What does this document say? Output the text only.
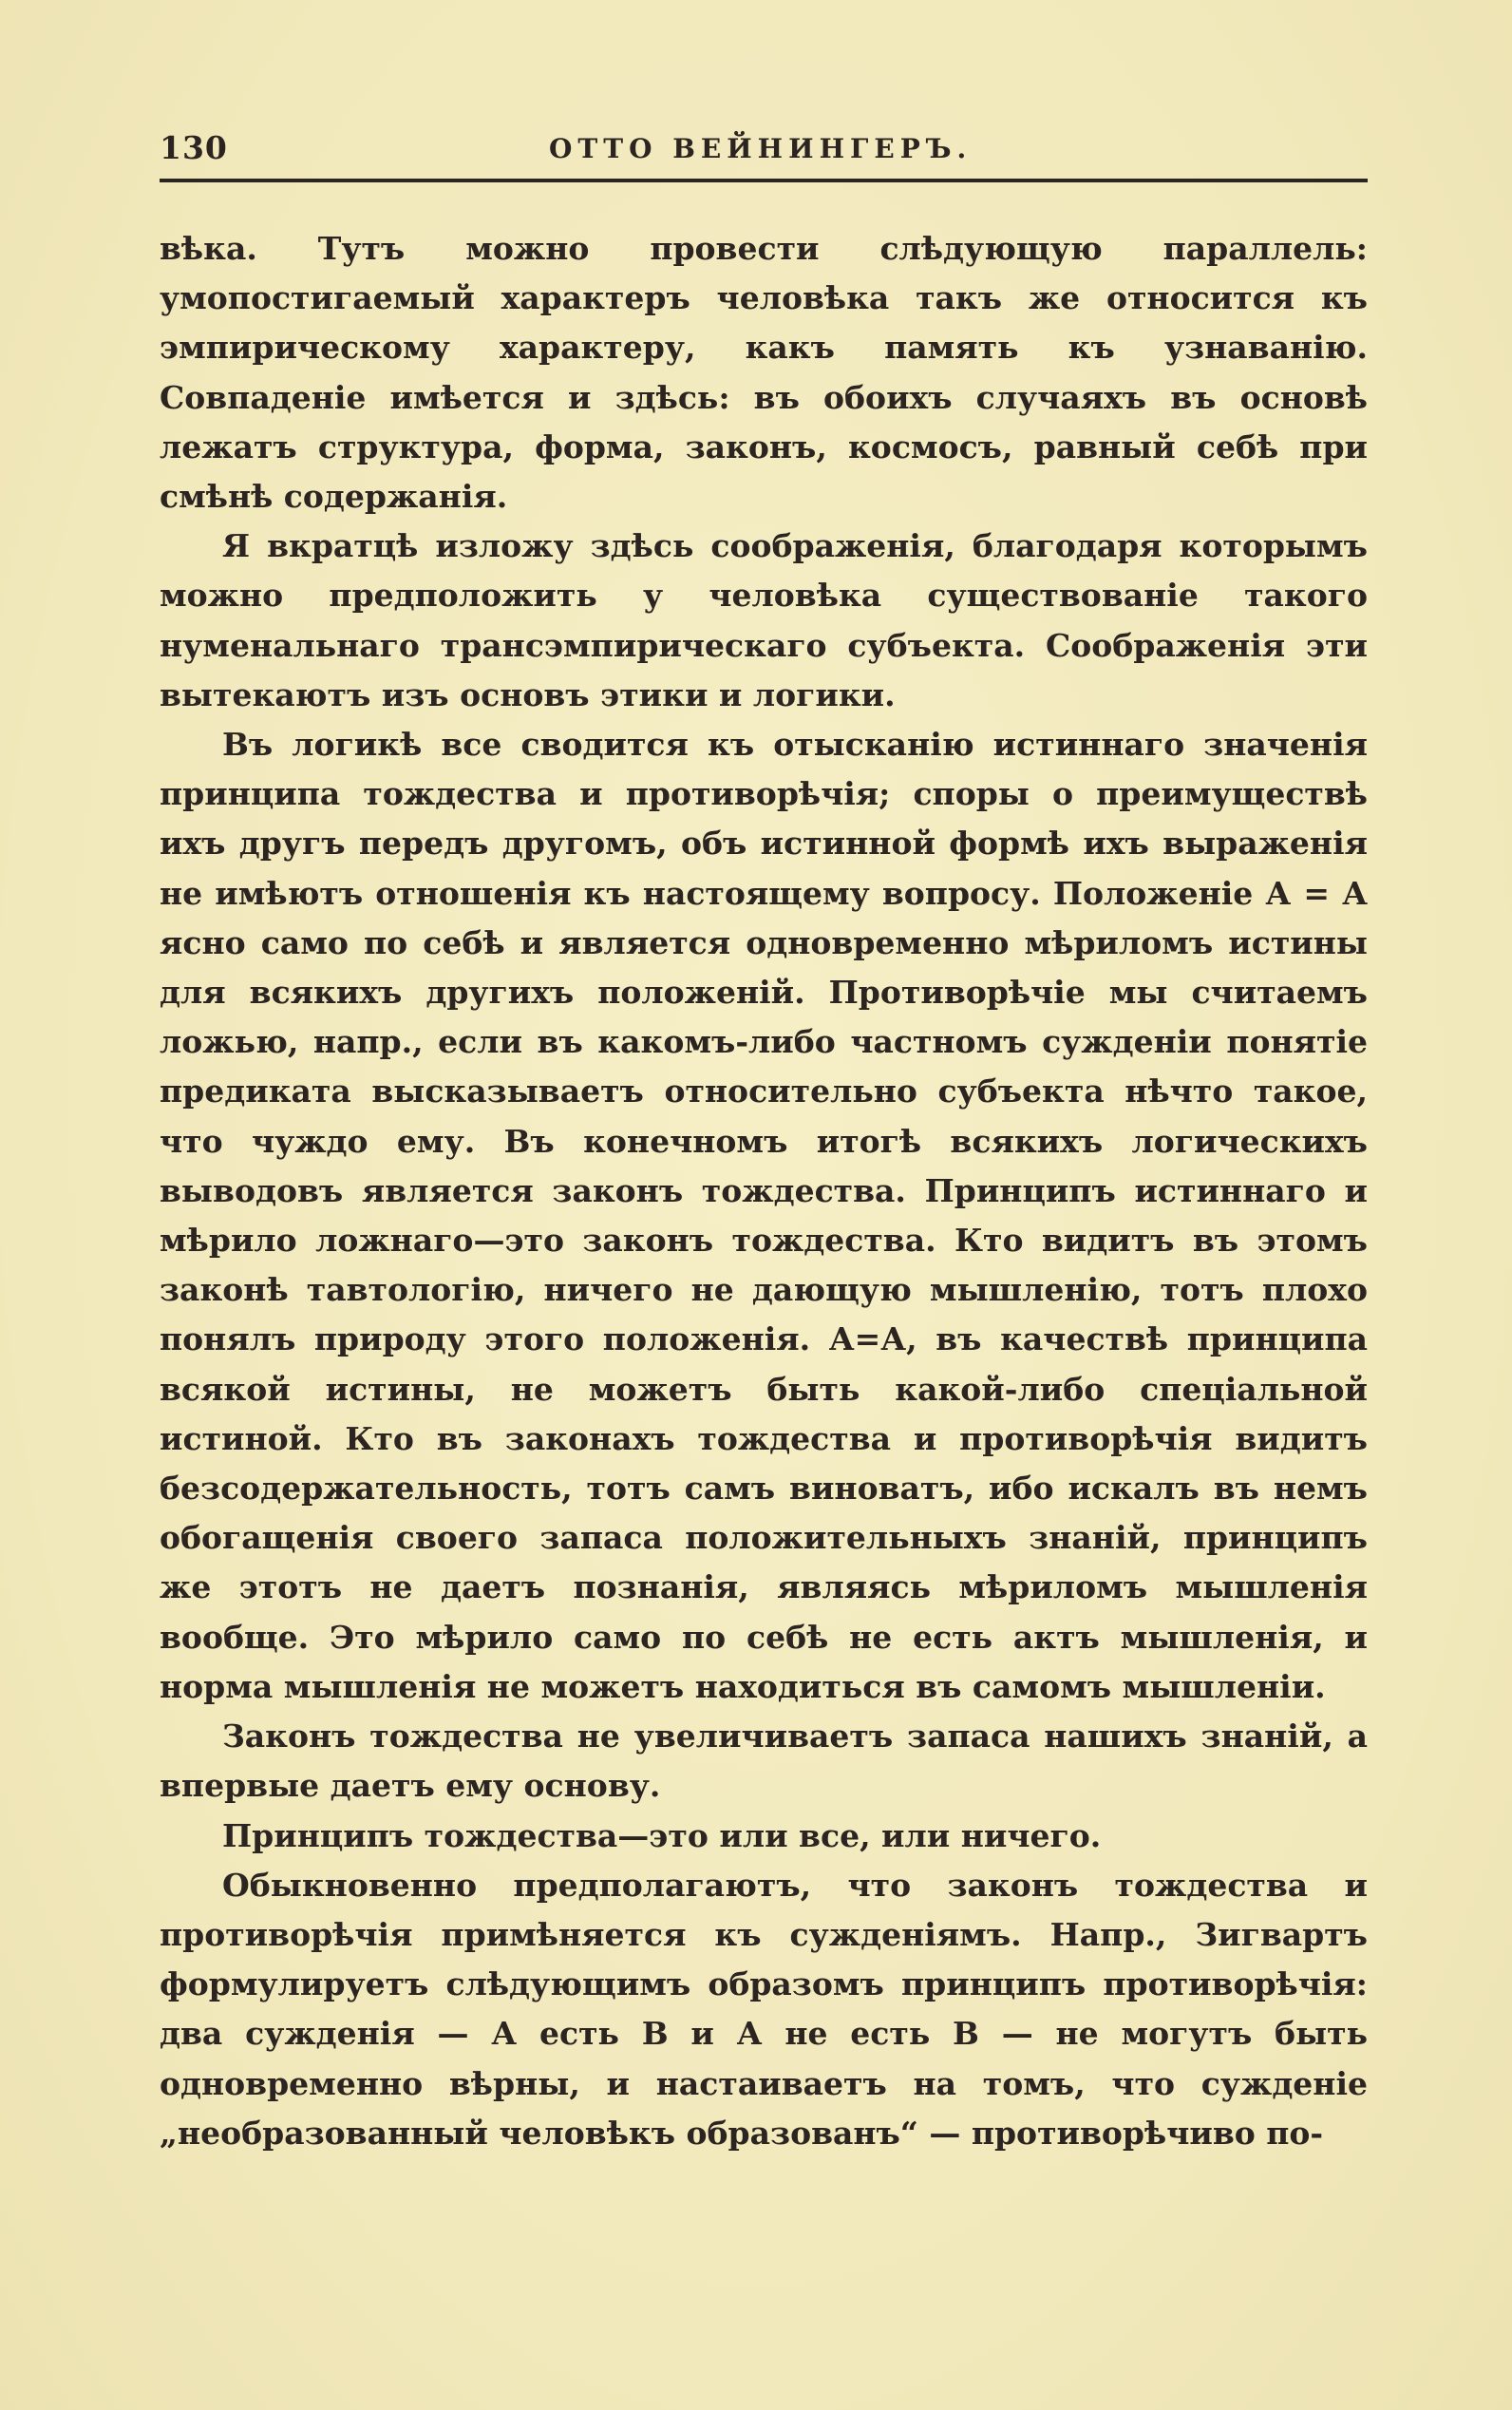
130	ОТТО ВЕЙНИНГЕРЪ.

вѣка. Тутъ можно провести слѣдующую параллель: умопостигаемый характеръ человѣка такъ же относится къ эмпирическому характеру, какъ память къ узнаванію. Совпаденіе имѣется и здѣсь: въ обоихъ случаяхъ въ основѣ лежатъ структура, форма, законъ, космосъ, равный себѣ при смѣнѣ содержанія.

Я вкратцѣ изложу здѣсь соображенія, благодаря которымъ можно предположить у человѣка существованіе такого нуменальнаго трансэмпирическаго субъекта. Соображенія эти вытекаютъ изъ основъ этики и логики.

Въ логикѣ все сводится къ отысканію истиннаго значенія принципа тождества и противорѣчія; споры о преимуществѣ ихъ другъ передъ другомъ, объ истинной формѣ ихъ выраженія не имѣютъ отношенія къ настоящему вопросу. Положеніе А = А ясно само по себѣ и является одновременно мѣриломъ истины для всякихъ другихъ положеній. Противорѣчіе мы считаемъ ложью, напр., если въ какомъ-либо частномъ сужденіи понятіе предиката высказываетъ относительно субъекта нѣчто такое, что чуждо ему. Въ конечномъ итогѣ всякихъ логическихъ выводовъ является законъ тождества. Принципъ истиннаго и мѣрило ложнаго—это законъ тождества. Кто видитъ въ этомъ законѣ тавтологію, ничего не дающую мышленію, тотъ плохо понялъ природу этого положенія. А=А, въ качествѣ принципа всякой истины, не можетъ быть какой-либо спеціальной истиной. Кто въ законахъ тождества и противорѣчія видитъ безсодержательность, тотъ самъ виноватъ, ибо искалъ въ немъ обогащенія своего запаса положительныхъ знаній, принципъ же этотъ не даетъ познанія, являясь мѣриломъ мышленія вообще. Это мѣрило само по себѣ не есть актъ мышленія, и норма мышленія не можетъ находиться въ самомъ мышленіи.

Законъ тождества не увеличиваетъ запаса нашихъ знаній, а впервые даетъ ему основу.

Принципъ тождества—это или все, или ничего.

Обыкновенно предполагаютъ, что законъ тождества и противорѣчія примѣняется къ сужденіямъ. Напр., Зигвартъ формулируетъ слѣдующимъ образомъ принципъ противорѣчія: два сужденія — А есть В и А не есть В — не могутъ быть одновременно вѣрны, и настаиваетъ на томъ, что сужденіе „необразованный человѣкъ образованъ“ — противорѣчиво по-
